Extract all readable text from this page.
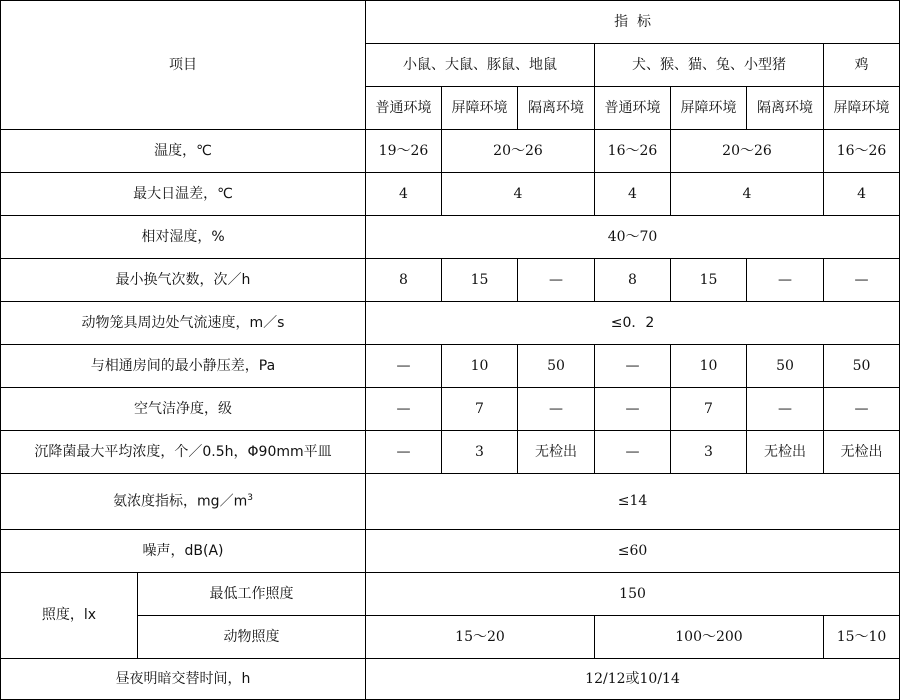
项目		指  标						
		小鼠、大鼠、豚鼠、地鼠			犬、猴、猫、兔、小型猪			鸡
		普通环境	屏障环境	隔离环境	普通环境	屏障环境	隔离环境	屏障环境
温度，℃		19～26	20～26		16～26	20～26		16～26
最大日温差，℃		4	4		4	4		4
相对湿度，%		40～70						
最小换气次数，次／h		8	15	—	8	15	—	—
动物笼具周边处气流速度，m／s		≤0．2						
与相通房间的最小静压差，Pa		—	10	50	—	10	50	50
空气洁净度，级		—	7	—	—	7	—	—
沉降菌最大平均浓度，个／0.5h，Φ90mm平皿		—	3	无检出	—	3	无检出	无检出
氨浓度指标，$mg/m^3$		≤14						
噪声，dB(A)		≤60						
照度，lx	最低工作照度	150						
	动物照度	15～20			100～200			15～10
昼夜明暗交替时间，h		12/12或10/14						
